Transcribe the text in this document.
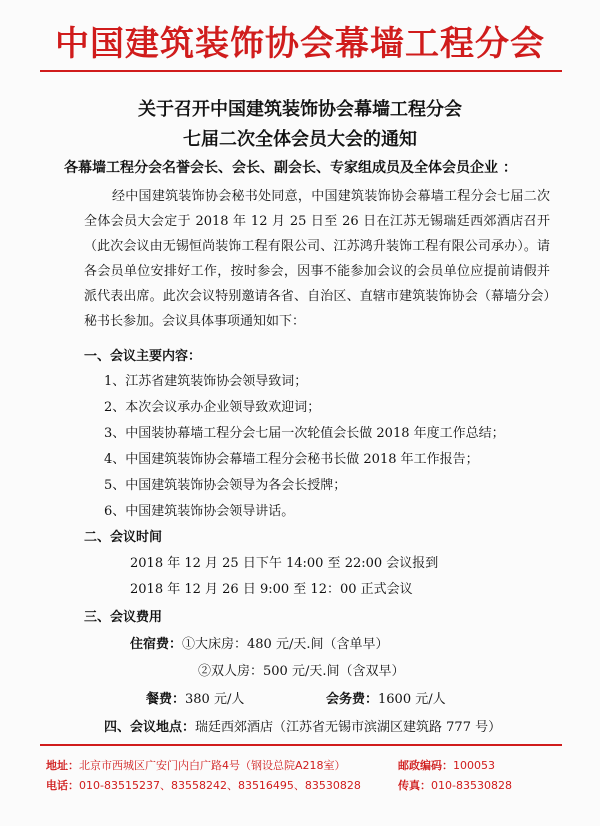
中国建筑装饰协会幕墙工程分会
关于召开中国建筑装饰协会幕墙工程分会
七届二次全体会员大会的通知
各幕墙工程分会名誉会长、会长、副会长、专家组成员及全体会员企业 ：

经中国建筑装饰协会秘书处同意，中国建筑装饰协会幕墙工程分会七届二次全体会员大会定于 2018 年 12 月 25 日至 26 日在江苏无锡瑞廷西郊酒店召开（此次会议由无锡恒尚装饰工程有限公司、江苏鸿升装饰工程有限公司承办）。请各会员单位安排好工作，按时参会，因事不能参加会议的会员单位应提前请假并派代表出席。此次会议特别邀请各省、自治区、直辖市建筑装饰协会（幕墙分会）秘书长参加。会议具体事项通知如下：

一、会议主要内容：
1、江苏省建筑装饰协会领导致词；
2、本次会议承办企业领导致欢迎词；
3、中国装协幕墙工程分会七届一次轮值会长做 2018 年度工作总结；
4、中国建筑装饰协会幕墙工程分会秘书长做 2018 年工作报告；
5、中国建筑装饰协会领导为各会长授牌；
6、中国建筑装饰协会领导讲话。
二、会议时间
2018 年 12 月 25 日下午 14:00 至 22:00 会议报到
2018 年 12 月 26 日 9:00 至 12：00 正式会议
三、会议费用
住宿费：①大床房：480 元/天.间（含单早）
②双人房：500 元/天.间（含双早）
餐费：380 元/人	会务费：1600 元/人
四、会议地点：瑞廷西郊酒店（江苏省无锡市滨湖区建筑路 777 号）
地址：北京市西城区广安门内白广路4号（钢设总院A218室）	邮政编码：100053
电话：010-83515237、83558242、83516495、83530828	传真：010-83530828
